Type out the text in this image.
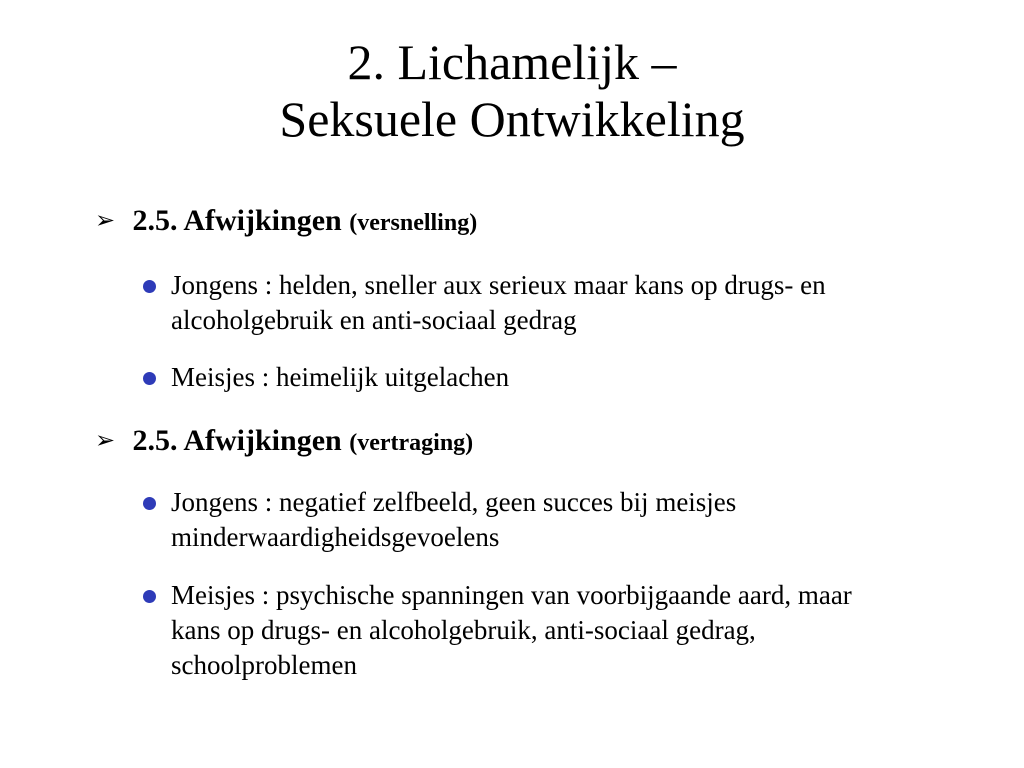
2. Lichamelijk –
Seksuele Ontwikkeling
➢ 2.5. Afwijkingen (versnelling)
Jongens : helden, sneller aux serieux maar kans op drugs- en alcoholgebruik en anti-sociaal gedrag
Meisjes : heimelijk uitgelachen
➢ 2.5. Afwijkingen (vertraging)
Jongens : negatief zelfbeeld, geen succes bij meisjes minderwaardigheidsgevoelens
Meisjes : psychische spanningen van voorbijgaande aard, maar kans op drugs- en alcoholgebruik, anti-sociaal gedrag, schoolproblemen
